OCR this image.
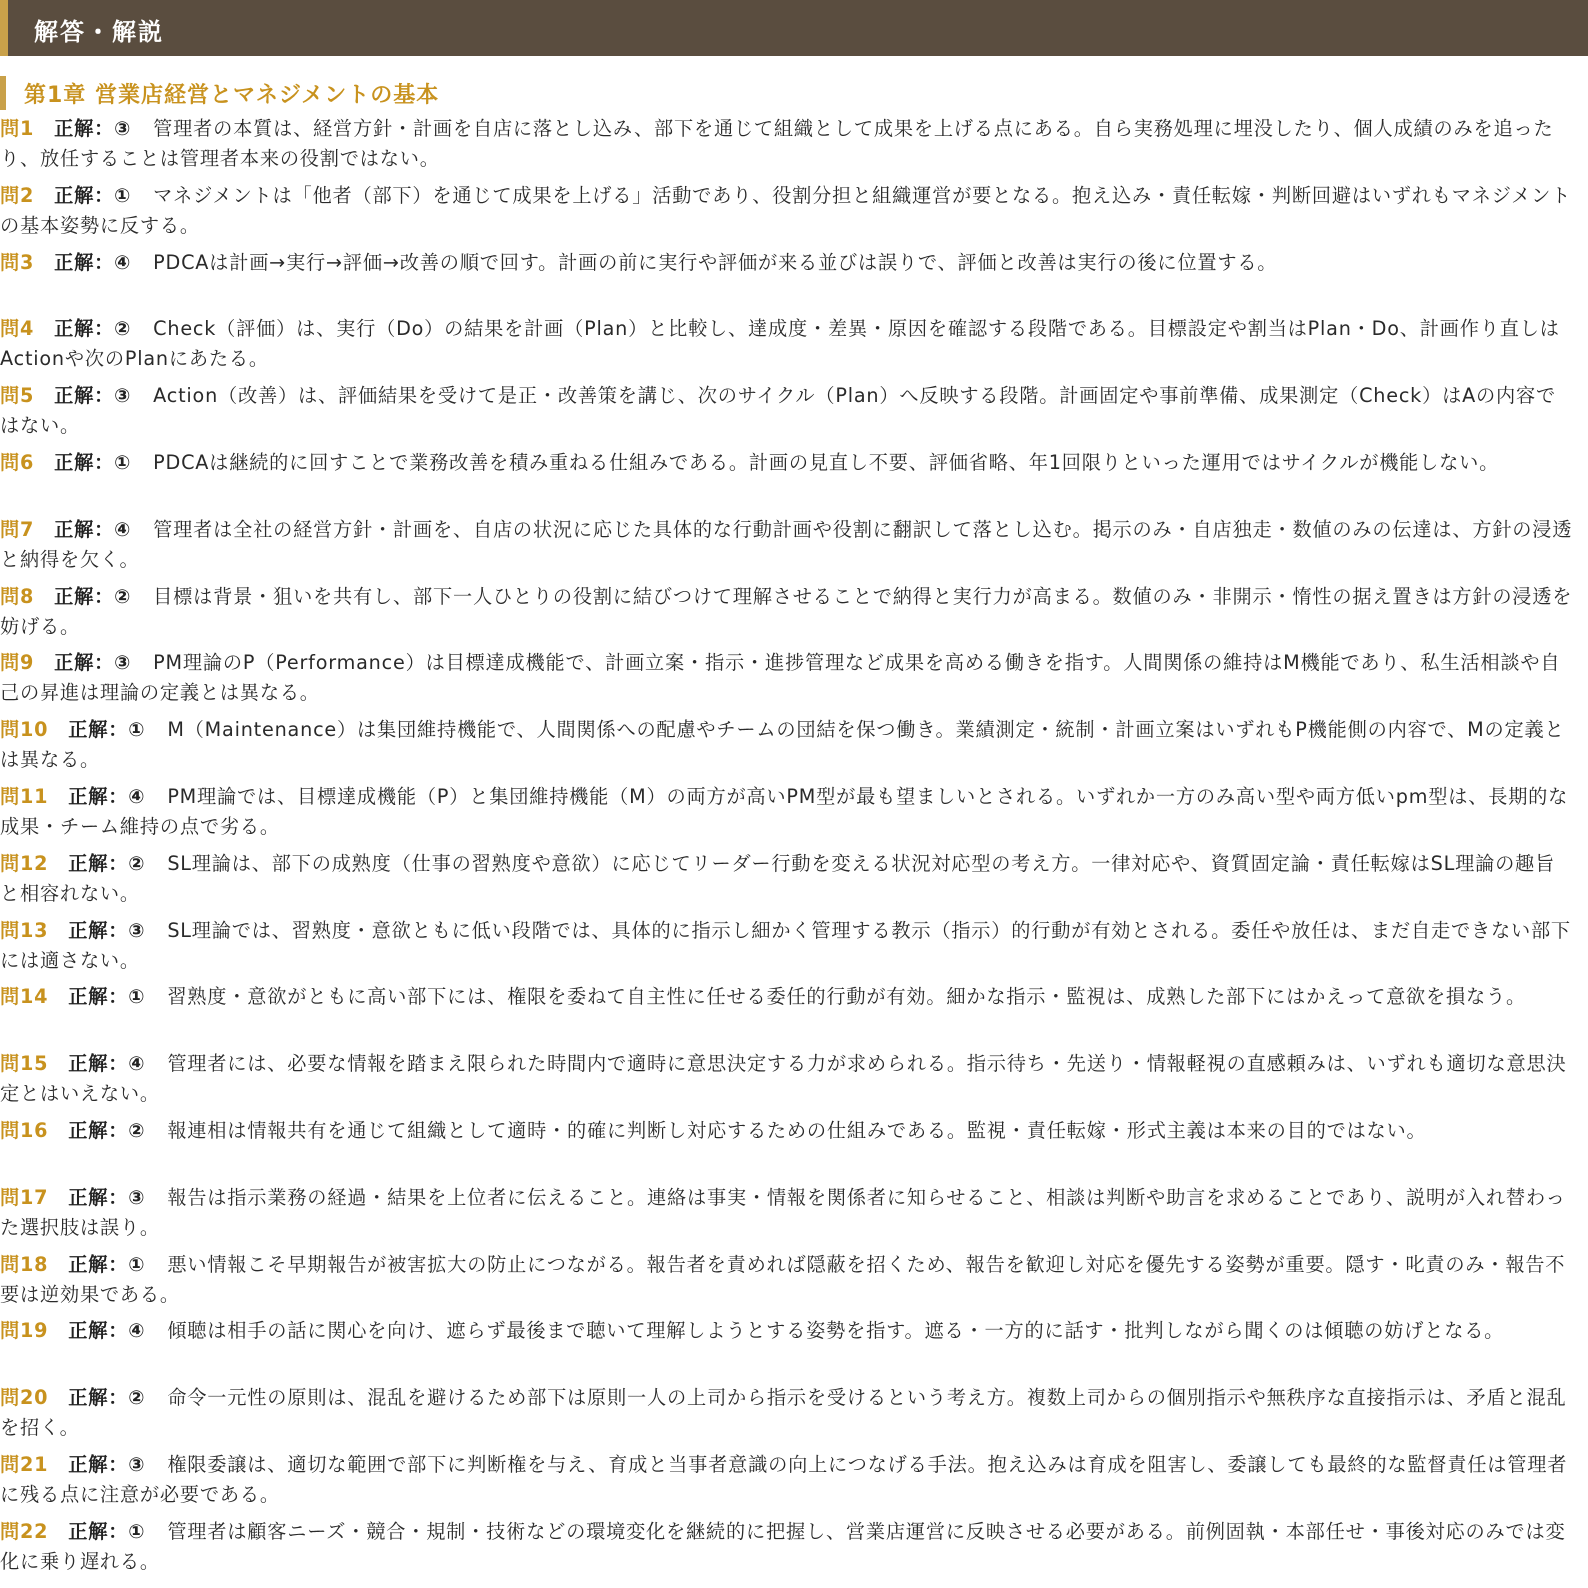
解答・解説
第1章 営業店経営とマネジメントの基本
問1 正解：③ 管理者の本質は、経営方針・計画を自店に落とし込み、部下を通じて組織として成果を上げる点にある。自ら実務処理に埋没したり、個人成績のみを追ったり、放任することは管理者本来の役割ではない。
問2 正解：① マネジメントは「他者（部下）を通じて成果を上げる」活動であり、役割分担と組織運営が要となる。抱え込み・責任転嫁・判断回避はいずれもマネジメントの基本姿勢に反する。
問3 正解：④ PDCAは計画→実行→評価→改善の順で回す。計画の前に実行や評価が来る並びは誤りで、評価と改善は実行の後に位置する。
問4 正解：② Check（評価）は、実行（Do）の結果を計画（Plan）と比較し、達成度・差異・原因を確認する段階である。目標設定や割当はPlan・Do、計画作り直しはActionや次のPlanにあたる。
問5 正解：③ Action（改善）は、評価結果を受けて是正・改善策を講じ、次のサイクル（Plan）へ反映する段階。計画固定や事前準備、成果測定（Check）はAの内容ではない。
問6 正解：① PDCAは継続的に回すことで業務改善を積み重ねる仕組みである。計画の見直し不要、評価省略、年1回限りといった運用ではサイクルが機能しない。
問7 正解：④ 管理者は全社の経営方針・計画を、自店の状況に応じた具体的な行動計画や役割に翻訳して落とし込む。掲示のみ・自店独走・数値のみの伝達は、方針の浸透と納得を欠く。
問8 正解：② 目標は背景・狙いを共有し、部下一人ひとりの役割に結びつけて理解させることで納得と実行力が高まる。数値のみ・非開示・惰性の据え置きは方針の浸透を妨げる。
問9 正解：③ PM理論のP（Performance）は目標達成機能で、計画立案・指示・進捗管理など成果を高める働きを指す。人間関係の維持はM機能であり、私生活相談や自己の昇進は理論の定義とは異なる。
問10 正解：① M（Maintenance）は集団維持機能で、人間関係への配慮やチームの団結を保つ働き。業績測定・統制・計画立案はいずれもP機能側の内容で、Mの定義とは異なる。
問11 正解：④ PM理論では、目標達成機能（P）と集団維持機能（M）の両方が高いPM型が最も望ましいとされる。いずれか一方のみ高い型や両方低いpm型は、長期的な成果・チーム維持の点で劣る。
問12 正解：② SL理論は、部下の成熟度（仕事の習熟度や意欲）に応じてリーダー行動を変える状況対応型の考え方。一律対応や、資質固定論・責任転嫁はSL理論の趣旨と相容れない。
問13 正解：③ SL理論では、習熟度・意欲ともに低い段階では、具体的に指示し細かく管理する教示（指示）的行動が有効とされる。委任や放任は、まだ自走できない部下には適さない。
問14 正解：① 習熟度・意欲がともに高い部下には、権限を委ねて自主性に任せる委任的行動が有効。細かな指示・監視は、成熟した部下にはかえって意欲を損なう。
問15 正解：④ 管理者には、必要な情報を踏まえ限られた時間内で適時に意思決定する力が求められる。指示待ち・先送り・情報軽視の直感頼みは、いずれも適切な意思決定とはいえない。
問16 正解：② 報連相は情報共有を通じて組織として適時・的確に判断し対応するための仕組みである。監視・責任転嫁・形式主義は本来の目的ではない。
問17 正解：③ 報告は指示業務の経過・結果を上位者に伝えること。連絡は事実・情報を関係者に知らせること、相談は判断や助言を求めることであり、説明が入れ替わった選択肢は誤り。
問18 正解：① 悪い情報こそ早期報告が被害拡大の防止につながる。報告者を責めれば隠蔽を招くため、報告を歓迎し対応を優先する姿勢が重要。隠す・叱責のみ・報告不要は逆効果である。
問19 正解：④ 傾聴は相手の話に関心を向け、遮らず最後まで聴いて理解しようとする姿勢を指す。遮る・一方的に話す・批判しながら聞くのは傾聴の妨げとなる。
問20 正解：② 命令一元性の原則は、混乱を避けるため部下は原則一人の上司から指示を受けるという考え方。複数上司からの個別指示や無秩序な直接指示は、矛盾と混乱を招く。
問21 正解：③ 権限委譲は、適切な範囲で部下に判断権を与え、育成と当事者意識の向上につなげる手法。抱え込みは育成を阻害し、委譲しても最終的な監督責任は管理者に残る点に注意が必要である。
問22 正解：① 管理者は顧客ニーズ・競合・規制・技術などの環境変化を継続的に把握し、営業店運営に反映させる必要がある。前例固執・本部任せ・事後対応のみでは変化に乗り遅れる。
